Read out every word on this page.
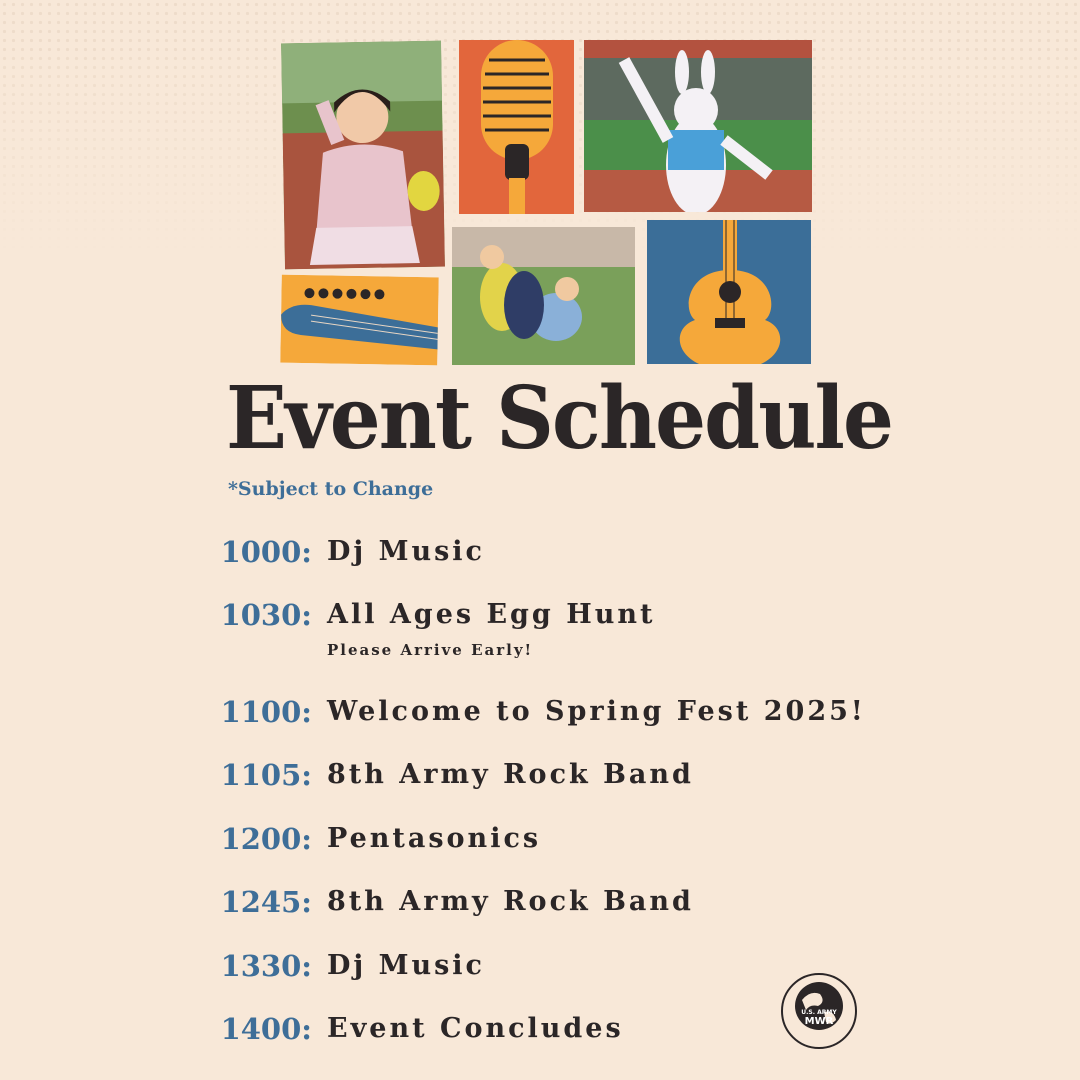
Event Schedule
*Subject to Change
1000: Dj Music
1030: All Ages Egg Hunt
Please Arrive Early!
1100: Welcome to Spring Fest 2025!
1105: 8th Army Rock Band
1200: Pentasonics
1245: 8th Army Rock Band
1330: Dj Music
1400: Event Concludes
U.S. ARMY
MWR
